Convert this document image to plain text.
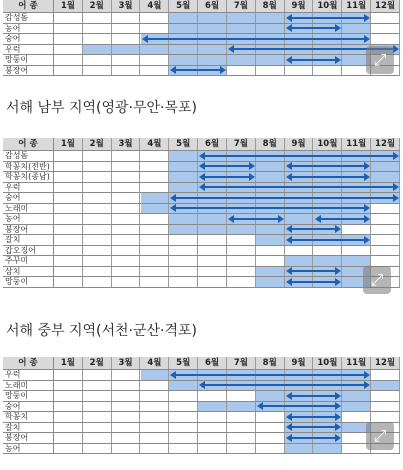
어 종	1월	2월	3월	4월	5월	6월	7월	8월	9월	10월	11월	12월
감성돔
농어
숭어
우럭
망둥이
붕장어
서해 남부 지역(영광·무안·목포)
어 종	1월	2월	3월	4월	5월	6월	7월	8월	9월	10월	11월	12월
감성돔
학꽁치(전반)
학꽁치(종남)
우럭
숭어
노래미
농어
붕장어
갈치
갑오징어
주꾸미
삼치
망둥이
서해 중부 지역(서천·군산·격포)
어 종	1월	2월	3월	4월	5월	6월	7월	8월	9월	10월	11월	12월
우럭
노래미
망둥이
숭어
학꽁치
갈치
붕장어
농어
⤢
⤢
⤢
